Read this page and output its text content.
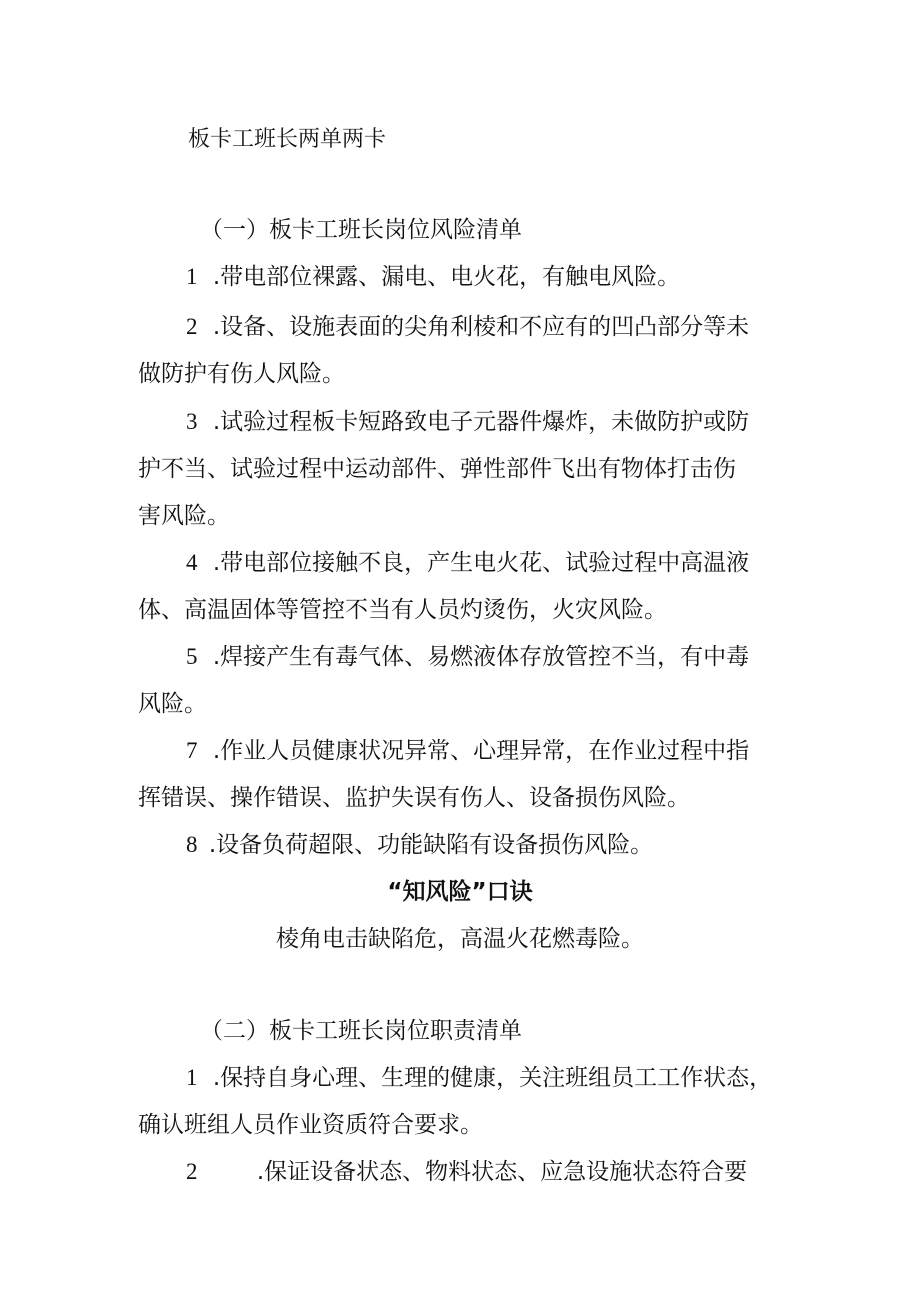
板卡工班长两单两卡
（一）板卡工班长岗位风险清单
1 .带电部位裸露、漏电、电火花，有触电风险。
2 .设备、设施表面的尖角利棱和不应有的凹凸部分等未
做防护有伤人风险。
3 .试验过程板卡短路致电子元器件爆炸，未做防护或防
护不当、试验过程中运动部件、弹性部件飞出有物体打击伤
害风险。
4 .带电部位接触不良，产生电火花、试验过程中高温液
体、高温固体等管控不当有人员灼烫伤，火灾风险。
5 .焊接产生有毒气体、易燃液体存放管控不当，有中毒
风险。
7 .作业人员健康状况异常、心理异常，在作业过程中指
挥错误、操作错误、监护失误有伤人、设备损伤风险。
8 .设备负荷超限、功能缺陷有设备损伤风险。
“知风险”口诀
棱角电击缺陷危，高温火花燃毒险。
（二）板卡工班长岗位职责清单
1 .保持自身心理、生理的健康，关注班组员工工作状态，
确认班组人员作业资质符合要求。
2	.保证设备状态、物料状态、应急设施状态符合要
